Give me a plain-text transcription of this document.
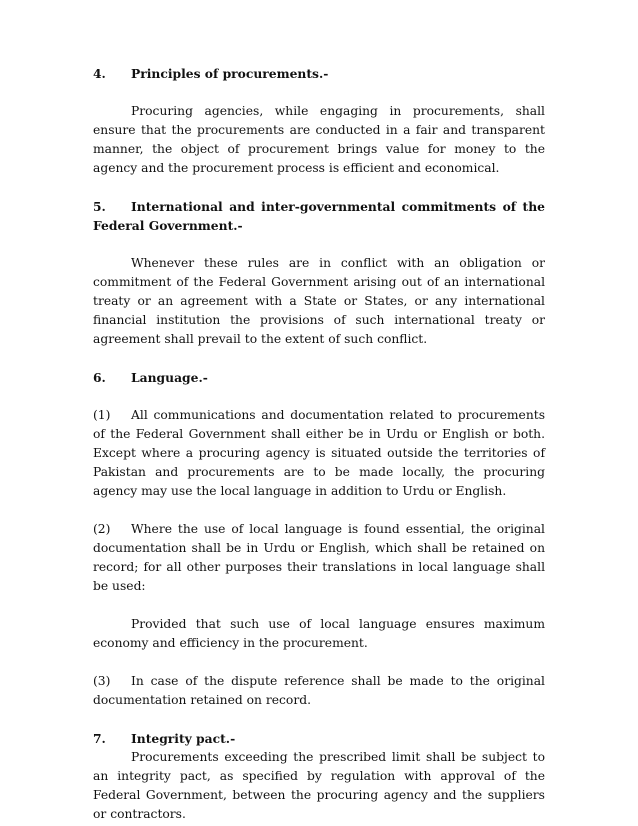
4.	Principles of procurements.-

Procuring agencies, while engaging in procurements, shall ensure that the procurements are conducted in a fair and transparent manner, the object of procurement brings value for money to the agency and the procurement process is efficient and economical.

5. International and inter-governmental commitments of the Federal Government.-

Whenever these rules are in conflict with an obligation or commitment of the Federal Government arising out of an international treaty or an agreement with a State or States, or any international financial institution the provisions of such international treaty or agreement shall prevail to the extent of such conflict.

6.	Language.-

(1) All communications and documentation related to procurements of the Federal Government shall either be in Urdu or English or both. Except where a procuring agency is situated outside the territories of Pakistan and procurements are to be made locally, the procuring agency may use the local language in addition to Urdu or English.

(2) Where the use of local language is found essential, the original documentation shall be in Urdu or English, which shall be retained on record; for all other purposes their translations in local language shall be used:

Provided that such use of local language ensures maximum economy and efficiency in the procurement.

(3) In case of the dispute reference shall be made to the original documentation retained on record.

7.	Integrity pact.-

Procurements exceeding the prescribed limit shall be subject to an integrity pact, as specified by regulation with approval of the Federal Government, between the procuring agency and the suppliers or contractors.
